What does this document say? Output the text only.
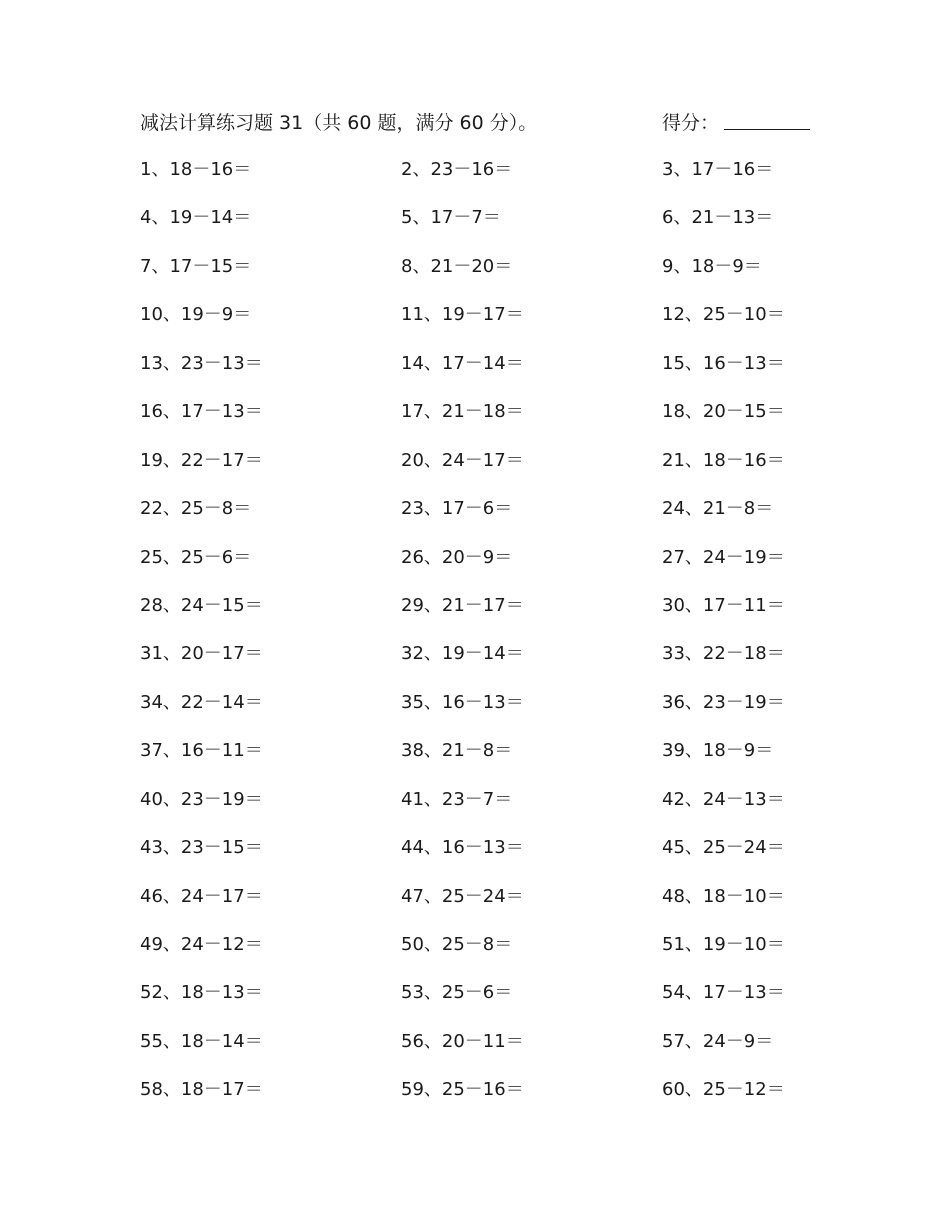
减法计算练习题 31（共 60 题，满分 60 分）。	得分：
1、18－16＝	2、23－16＝	3、17－16＝
4、19－14＝	5、17－7＝	6、21－13＝
7、17－15＝	8、21－20＝	9、18－9＝
10、19－9＝	11、19－17＝	12、25－10＝
13、23－13＝	14、17－14＝	15、16－13＝
16、17－13＝	17、21－18＝	18、20－15＝
19、22－17＝	20、24－17＝	21、18－16＝
22、25－8＝	23、17－6＝	24、21－8＝
25、25－6＝	26、20－9＝	27、24－19＝
28、24－15＝	29、21－17＝	30、17－11＝
31、20－17＝	32、19－14＝	33、22－18＝
34、22－14＝	35、16－13＝	36、23－19＝
37、16－11＝	38、21－8＝	39、18－9＝
40、23－19＝	41、23－7＝	42、24－13＝
43、23－15＝	44、16－13＝	45、25－24＝
46、24－17＝	47、25－24＝	48、18－10＝
49、24－12＝	50、25－8＝	51、19－10＝
52、18－13＝	53、25－6＝	54、17－13＝
55、18－14＝	56、20－11＝	57、24－9＝
58、18－17＝	59、25－16＝	60、25－12＝
